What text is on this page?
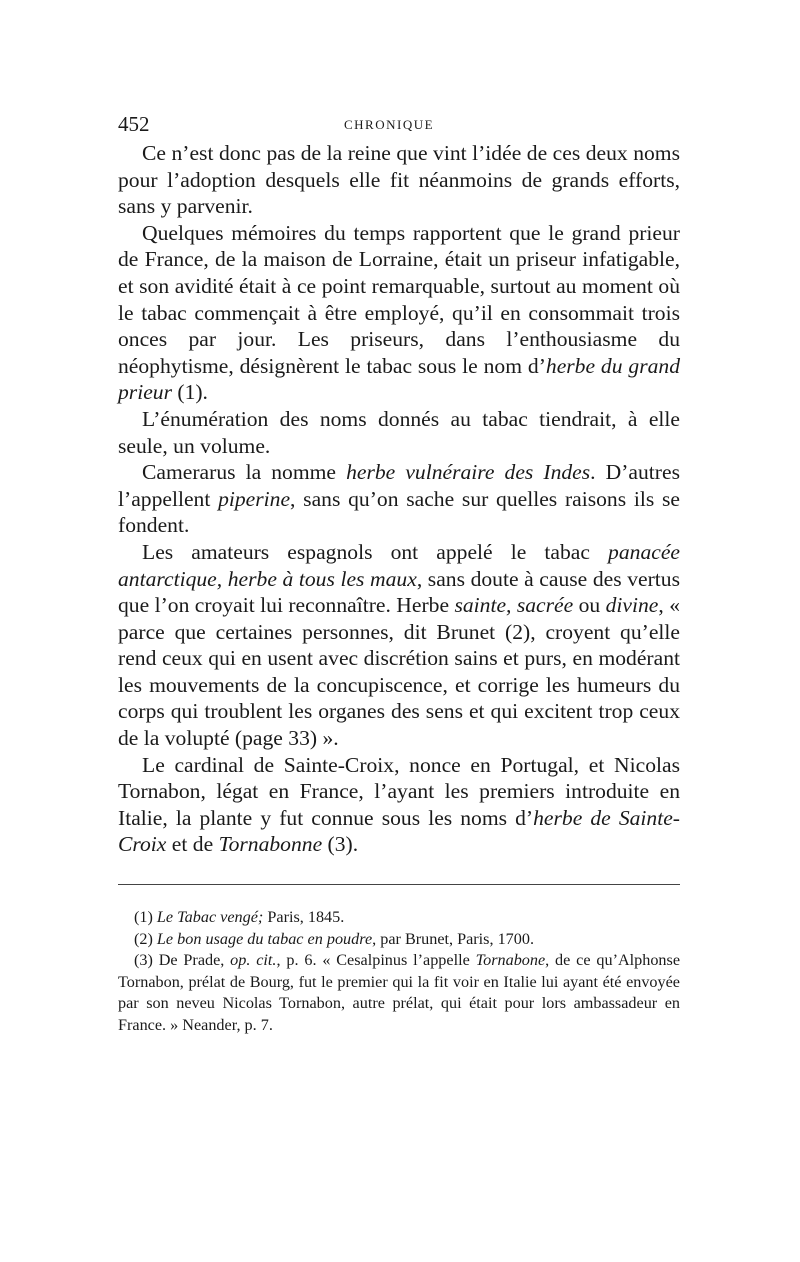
452	CHRONIQUE

Ce n’est donc pas de la reine que vint l’idée de ces deux noms pour l’adoption desquels elle fit néanmoins de grands efforts, sans y parvenir.

Quelques mémoires du temps rapportent que le grand prieur de France, de la maison de Lorraine, était un priseur infatigable, et son avidité était à ce point remarquable, surtout au moment où le tabac commençait à être employé, qu’il en consommait trois onces par jour. Les priseurs, dans l’enthousiasme du néophytisme, désignèrent le tabac sous le nom d’herbe du grand prieur (1).

L’énumération des noms donnés au tabac tiendrait, à elle seule, un volume.

Camerarus la nomme herbe vulnéraire des Indes. D’autres l’appellent piperine, sans qu’on sache sur quelles raisons ils se fondent.

Les amateurs espagnols ont appelé le tabac panacée antarctique, herbe à tous les maux, sans doute à cause des vertus que l’on croyait lui reconnaître. Herbe sainte, sacrée ou divine, « parce que certaines personnes, dit Brunet (2), croyent qu’elle rend ceux qui en usent avec discrétion sains et purs, en modérant les mouvements de la concupiscence, et corrige les humeurs du corps qui troublent les organes des sens et qui excitent trop ceux de la volupté (page 33) ».

Le cardinal de Sainte-Croix, nonce en Portugal, et Nicolas Tornabon, légat en France, l’ayant les premiers introduite en Italie, la plante y fut connue sous les noms d’herbe de Sainte-Croix et de Tornabonne (3).

(1) Le Tabac vengé; Paris, 1845.

(2) Le bon usage du tabac en poudre, par Brunet, Paris, 1700.

(3) De Prade, op. cit., p. 6. « Cesalpinus l’appelle Tornabone, de ce qu’Alphonse Tornabon, prélat de Bourg, fut le premier qui la fit voir en Italie lui ayant été envoyée par son neveu Nicolas Tornabon, autre prélat, qui était pour lors ambassadeur en France. » Neander, p. 7.
